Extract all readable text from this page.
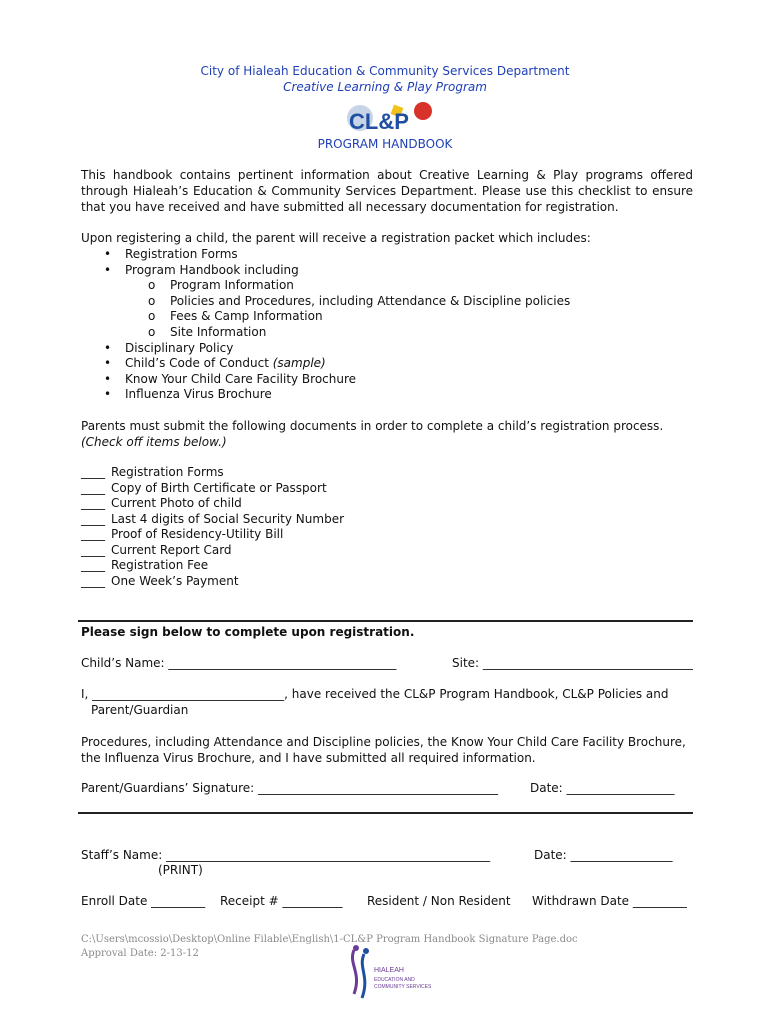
City of Hialeah Education & Community Services Department
Creative Learning & Play Program
CL&P
PROGRAM HANDBOOK
This handbook contains pertinent information about Creative Learning & Play programs offered through Hialeah’s Education & Community Services Department. Please use this checklist to ensure that you have received and have submitted all necessary documentation for registration.
Upon registering a child, the parent will receive a registration packet which includes:
• Registration Forms
• Program Handbook including
o Program Information
o Policies and Procedures, including Attendance & Discipline policies
o Fees & Camp Information
o Site Information
• Disciplinary Policy
• Child’s Code of Conduct (sample)
• Know Your Child Care Facility Brochure
• Influenza Virus Brochure
Parents must submit the following documents in order to complete a child’s registration process.
(Check off items below.)
____ Registration Forms
____ Copy of Birth Certificate or Passport
____ Current Photo of child
____ Last 4 digits of Social Security Number
____ Proof of Residency-Utility Bill
____ Current Report Card
____ Registration Fee
____ One Week’s Payment
Please sign below to complete upon registration.
Child’s Name: ______________________________________	Site: ___________________________________
I, ________________________________, have received the CL&P Program Handbook, CL&P Policies and
Parent/Guardian
Procedures, including Attendance and Discipline policies, the Know Your Child Care Facility Brochure, the Influenza Virus Brochure, and I have submitted all required information.
Parent/Guardians’ Signature: ________________________________________	Date: __________________
Staff’s Name: ______________________________________________________	Date: _________________
(PRINT)
Enroll Date _________ Receipt # __________ Resident / Non Resident Withdrawn Date _________
C:\Users\mcossio\Desktop\Online Filable\English\1-CL&P Program Handbook Signature Page.doc
Approval Date: 2-13-12
HIALEAH
EDUCATION AND
COMMUNITY SERVICES
